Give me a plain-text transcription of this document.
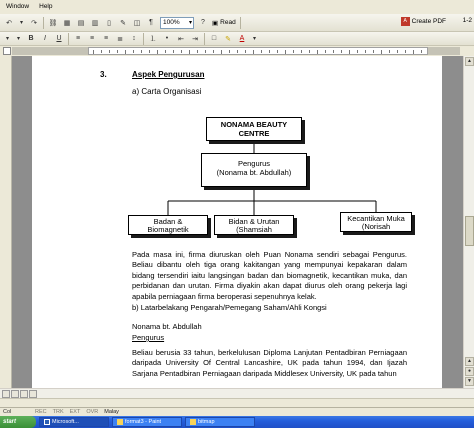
Window	Help
↶	▾	↷	⛓ ▦	▤	▥	▯	✎	◫	¶	100% ▾	?	▣ Read	A Create PDF	1-2
▾	▾	B	I	U	≡	≡	≡	≣	↕	⒈	•	⇤	⇥	□	✎	A	▾
3.	Aspek Pengurusan
a) Carta Organisasi
NONAMA BEAUTY
CENTRE
Pengurus
(Nonama bt. Abdullah)
Badan &
Biomagnetik
Bidan & Urutan
(Shamsiah
Kecantikan Muka
(Norisah

Pada masa ini, firma diuruskan oleh Puan Nonama sendiri sebagai Pengurus. Beliau dibantu oleh tiga orang kakitangan yang mempunyai kepakaran dalam bidang tersendiri iaitu langsingan badan dan biomagnetik, kecantikan muka, dan perbidanan dan urutan. Firma diyakin akan dapat diurus oleh orang pekerja lagi apabila perniagaan firma beroperasi sepenuhnya kelak.

b) Latarbelakang Pengarah/Pemegang Saham/Ahli Kongsi
Nonama bt. Abdullah
Pengurus

Beliau berusia 33 tahun, berkelulusan Diploma Lanjutan Pentadbiran Perniagaan daripada University Of Central Lancashire, UK pada tahun 1994, dan Ijazah Sarjana Pentadbiran Perniagaan daripada Middlesex University, UK pada tahun

▲
▲
●
▼
Col	REC TRK EXT OVR Malay
start	Microsoft...	format3 - Paint	bitmap
